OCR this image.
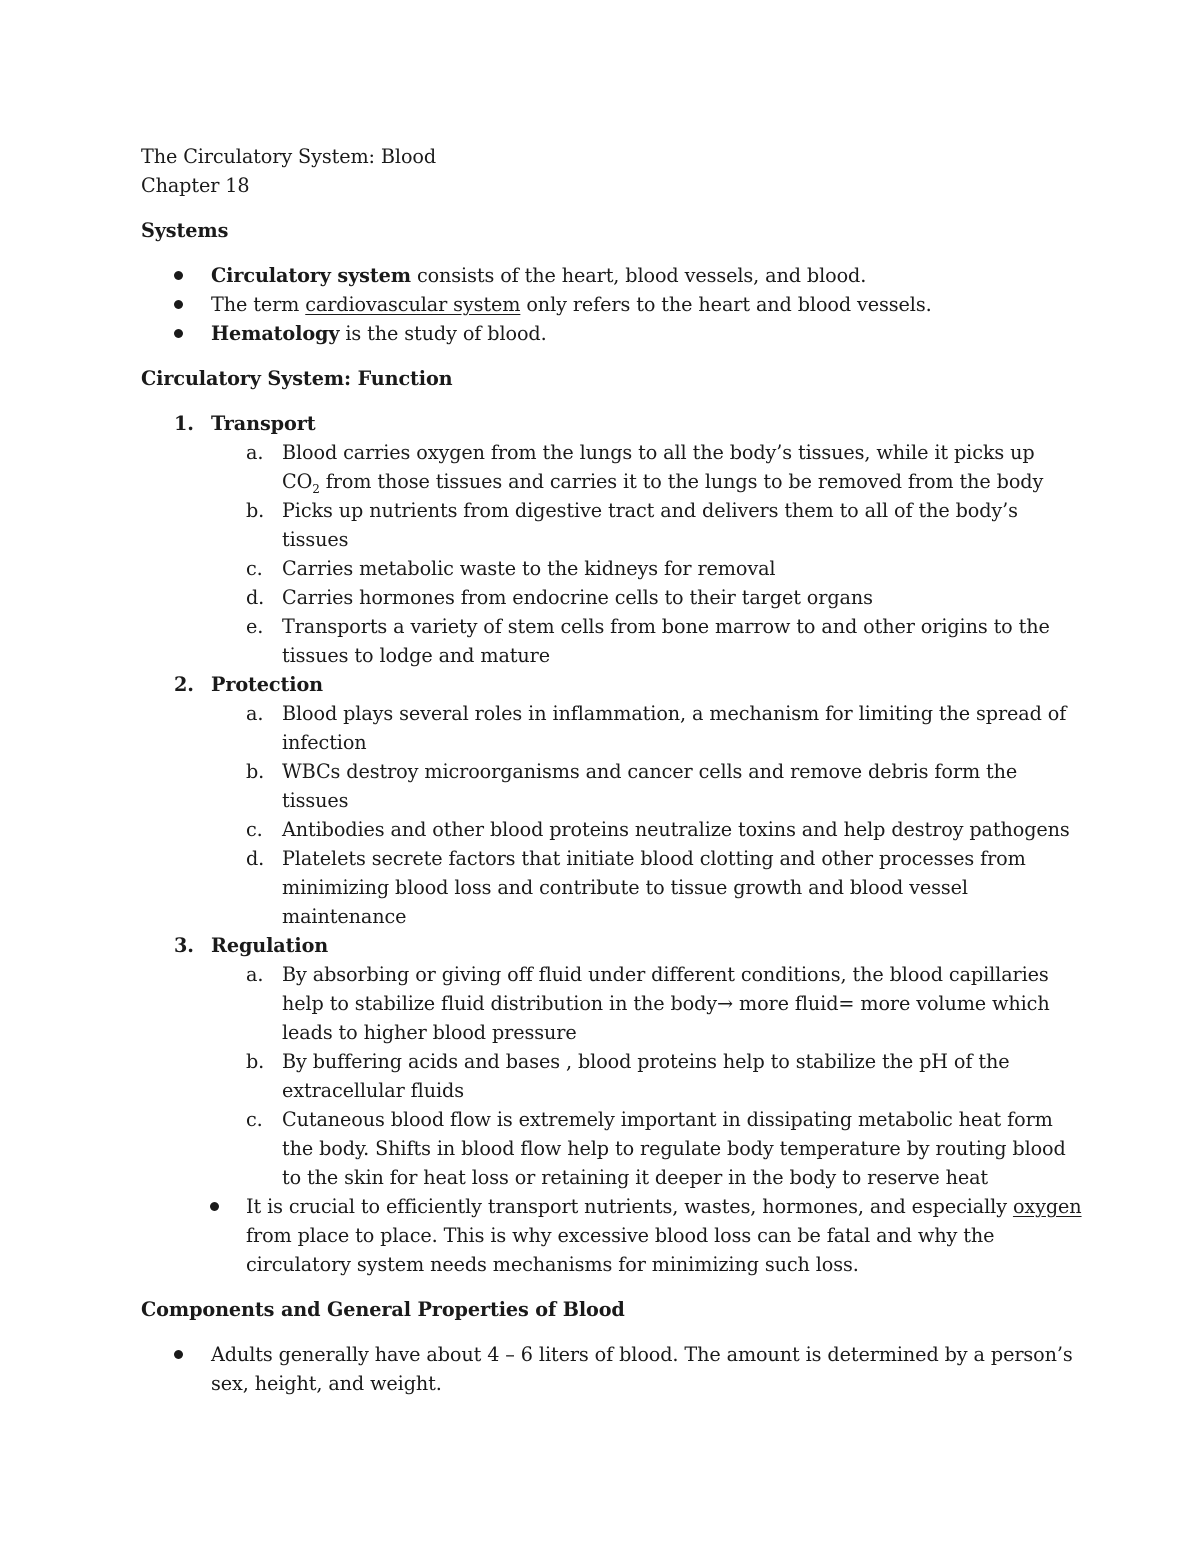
The Circulatory System: Blood
Chapter 18
Systems
Circulatory system consists of the heart, blood vessels, and blood.
The term cardiovascular system only refers to the heart and blood vessels.
Hematology is the study of blood.
Circulatory System: Function
1. Transport
a. Blood carries oxygen from the lungs to all the body’s tissues, while it picks up
$CO_2$ from those tissues and carries it to the lungs to be removed from the body
b. Picks up nutrients from digestive tract and delivers them to all of the body’s
tissues
c. Carries metabolic waste to the kidneys for removal
d. Carries hormones from endocrine cells to their target organs
e. Transports a variety of stem cells from bone marrow to and other origins to the
tissues to lodge and mature
2. Protection
a. Blood plays several roles in inflammation, a mechanism for limiting the spread of
infection
b. WBCs destroy microorganisms and cancer cells and remove debris form the
tissues
c. Antibodies and other blood proteins neutralize toxins and help destroy pathogens
d. Platelets secrete factors that initiate blood clotting and other processes from
minimizing blood loss and contribute to tissue growth and blood vessel
maintenance
3. Regulation
a. By absorbing or giving off fluid under different conditions, the blood capillaries
help to stabilize fluid distribution in the body→ more fluid= more volume which
leads to higher blood pressure
b. By buffering acids and bases , blood proteins help to stabilize the pH of the
extracellular fluids
c. Cutaneous blood flow is extremely important in dissipating metabolic heat form
the body. Shifts in blood flow help to regulate body temperature by routing blood
to the skin for heat loss or retaining it deeper in the body to reserve heat
It is crucial to efficiently transport nutrients, wastes, hormones, and especially oxygen
from place to place. This is why excessive blood loss can be fatal and why the
circulatory system needs mechanisms for minimizing such loss.
Components and General Properties of Blood
Adults generally have about 4 – 6 liters of blood. The amount is determined by a person’s
sex, height, and weight.
